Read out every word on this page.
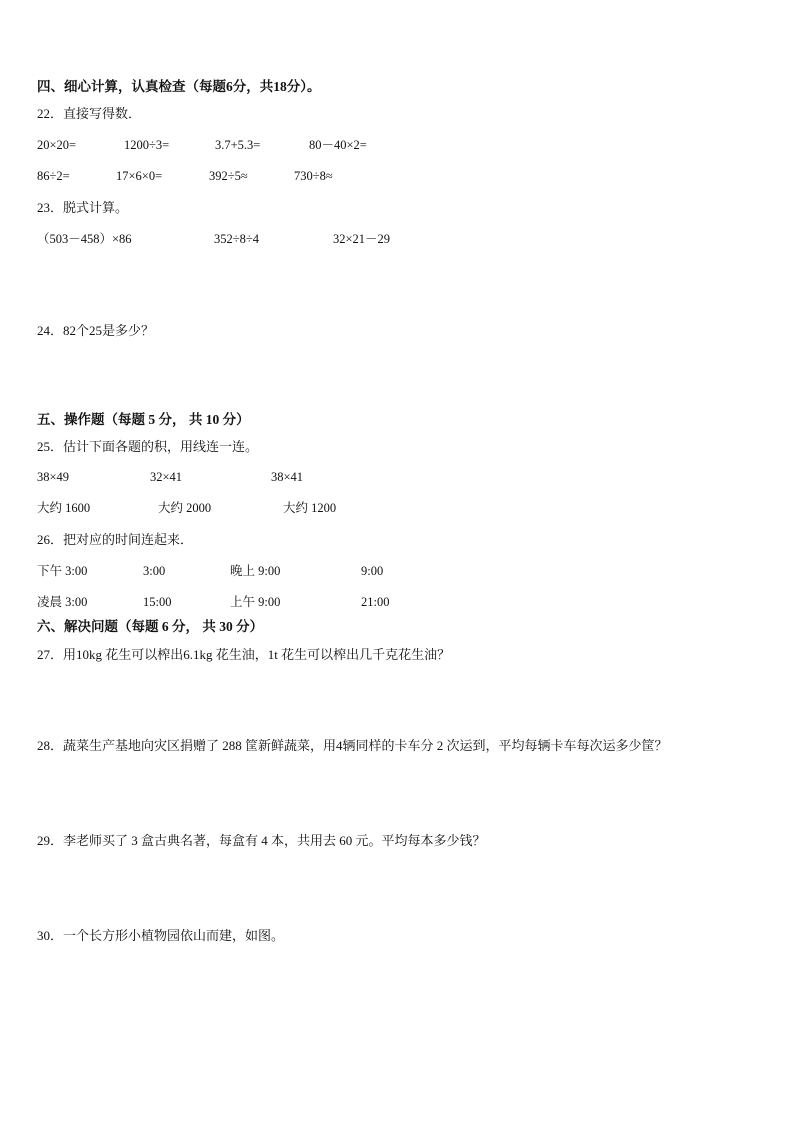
四、细心计算，认真检查（每题6分，共18分）。
22．直接写得数．
20×20=	1200÷3=	3.7+5.3=	80－40×2=
86÷2=	17×6×0=	392÷5≈	730÷8≈
23．脱式计算。
（503－458）×86	352÷8÷4	32×21－29
24．82个25是多少？
五、操作题（每题 5 分， 共 10 分）
25．估计下面各题的积，用线连一连。
38×49	32×41	38×41
大约 1600	大约 2000	大约 1200
26．把对应的时间连起来．
下午 3:00	3:00	晚上 9:00	9:00
凌晨 3:00	15:00	上午 9:00	21:00
六、解决问题（每题 6 分， 共 30 分）
27．用10kg 花生可以榨出6.1kg 花生油，1t 花生可以榨出几千克花生油？
28．蔬菜生产基地向灾区捐赠了 288 筐新鲜蔬菜，用4辆同样的卡车分 2 次运到，平均每辆卡车每次运多少筐？
29．李老师买了 3 盒古典名著，每盒有 4 本，共用去 60 元。平均每本多少钱？
30．一个长方形小植物园依山而建，如图。
